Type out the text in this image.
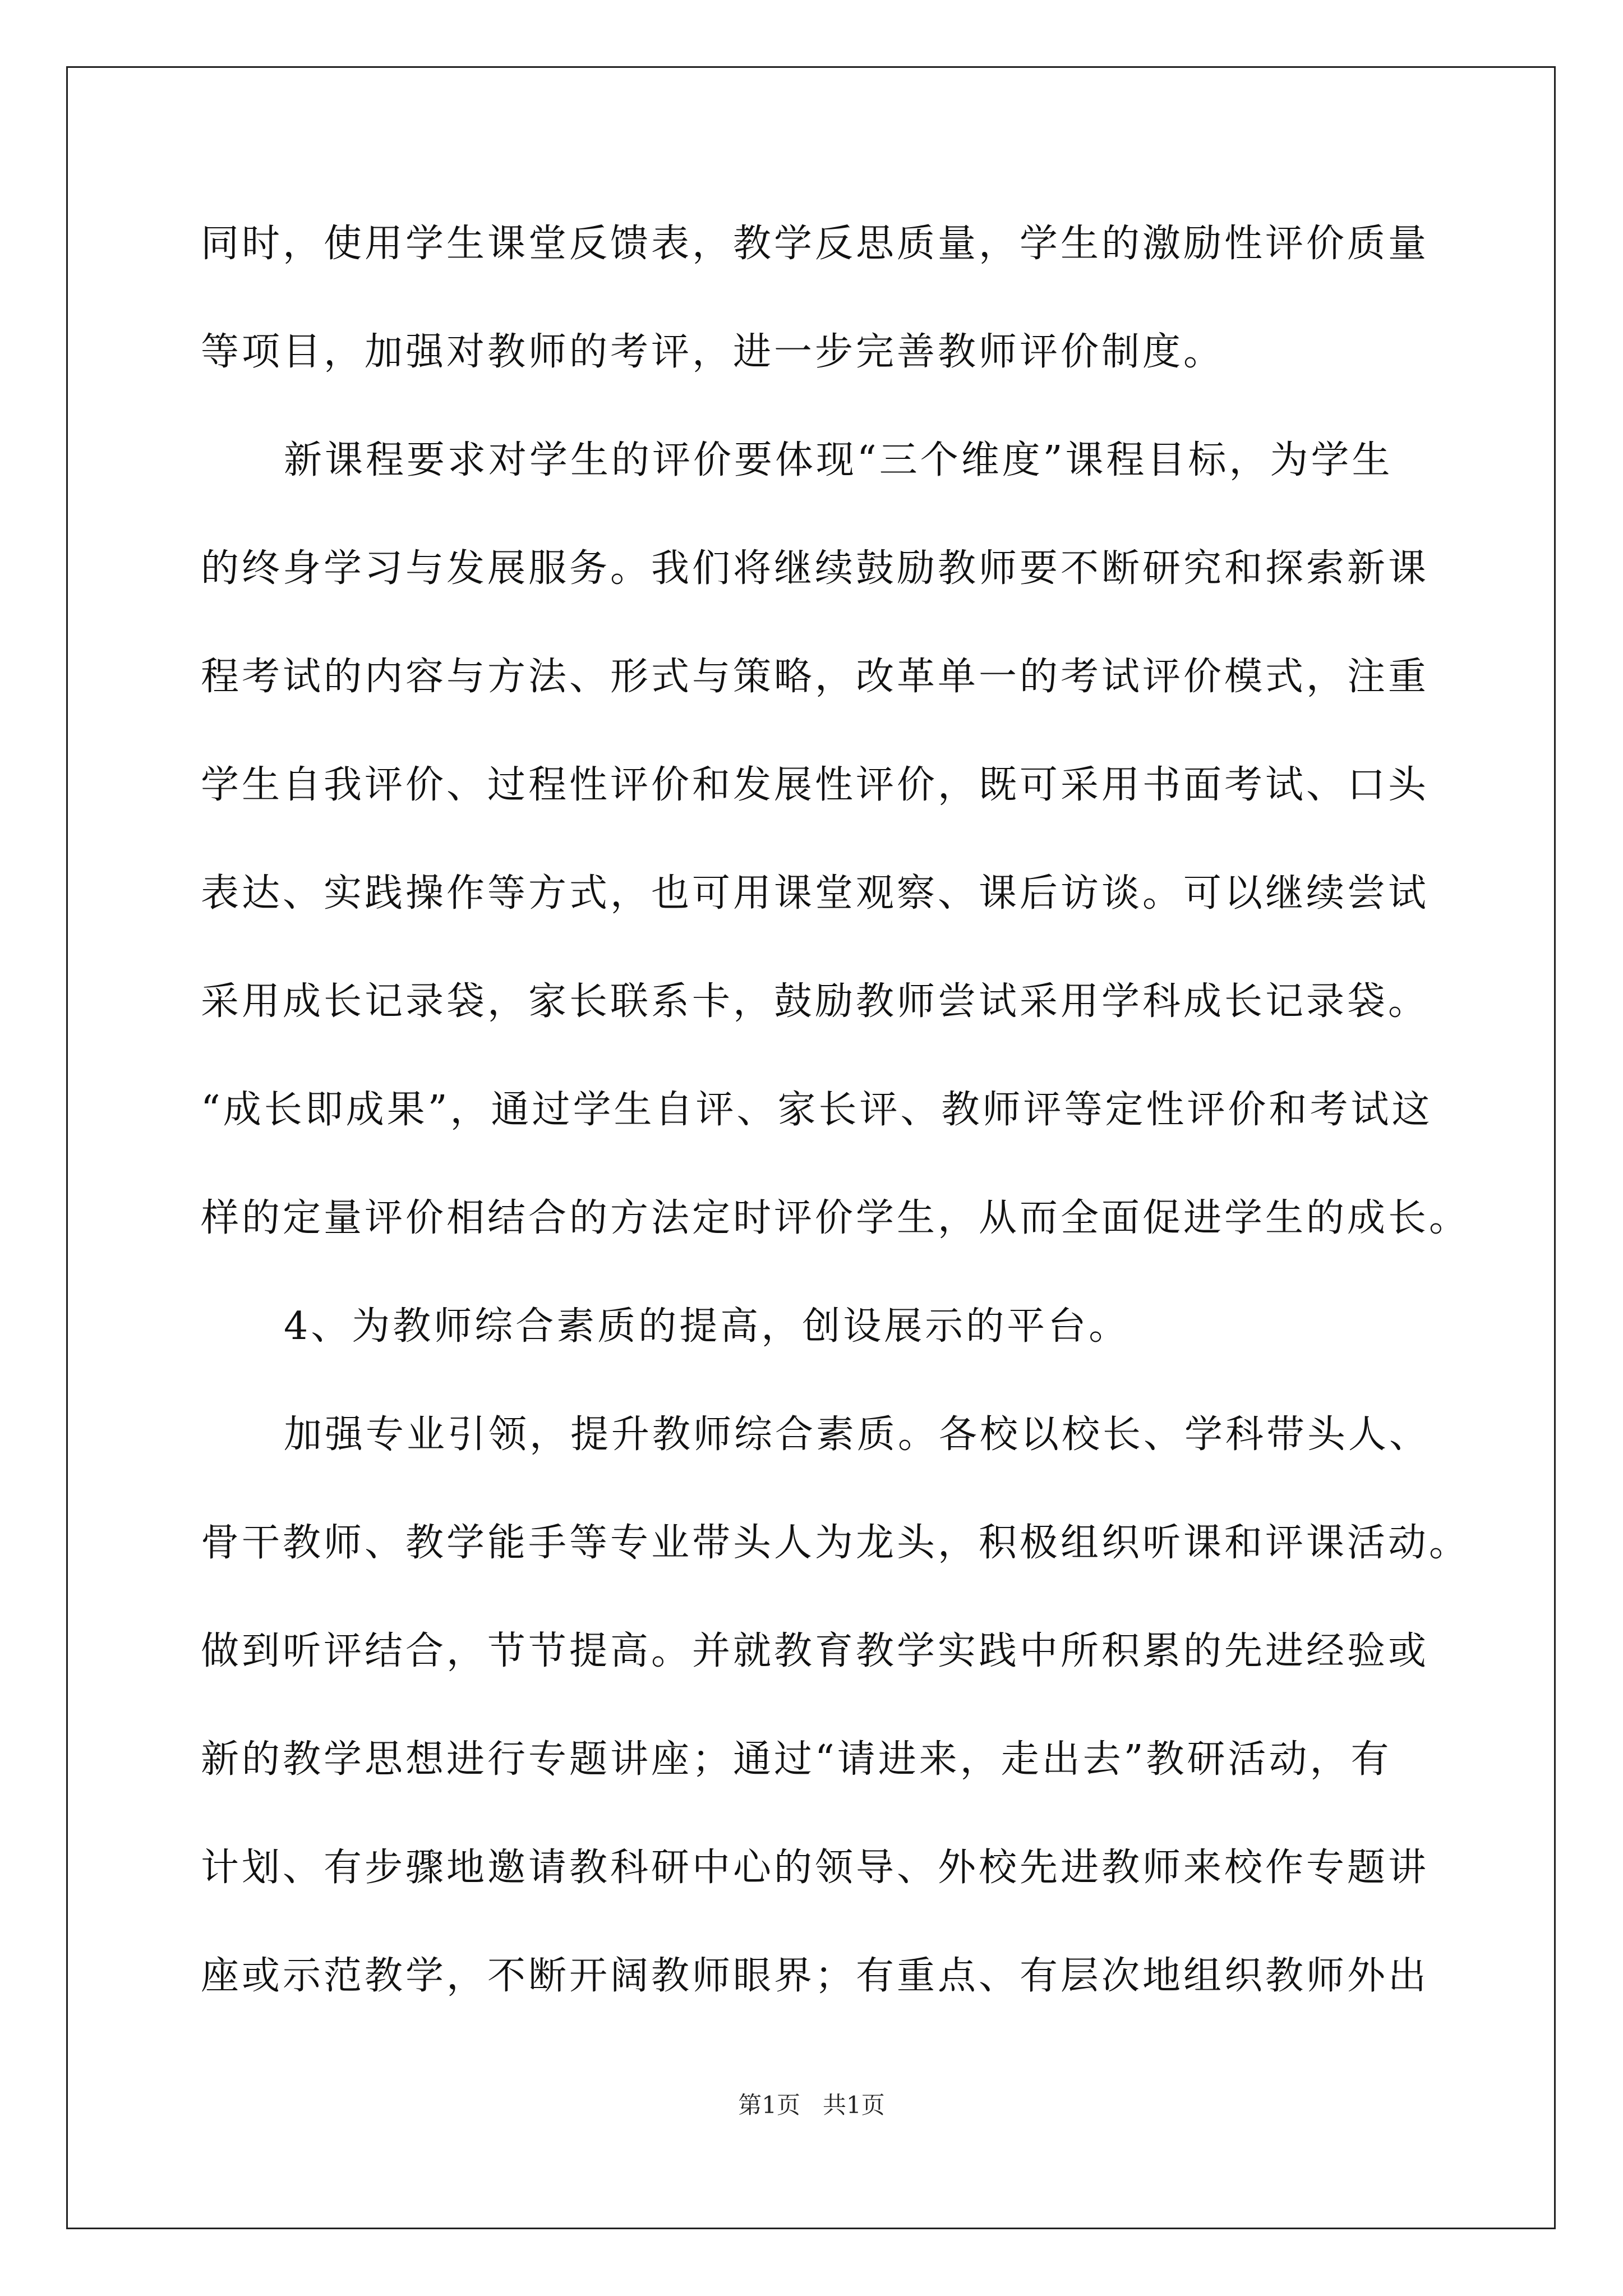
同时，使用学生课堂反馈表，教学反思质量，学生的激励性评价质量
等项目，加强对教师的考评，进一步完善教师评价制度。
新课程要求对学生的评价要体现“三个维度”课程目标，为学生
的终身学习与发展服务。我们将继续鼓励教师要不断研究和探索新课
程考试的内容与方法、形式与策略，改革单一的考试评价模式，注重
学生自我评价、过程性评价和发展性评价，既可采用书面考试、口头
表达、实践操作等方式，也可用课堂观察、课后访谈。可以继续尝试
采用成长记录袋，家长联系卡，鼓励教师尝试采用学科成长记录袋。
“成长即成果”，通过学生自评、家长评、教师评等定性评价和考试这
样的定量评价相结合的方法定时评价学生，从而全面促进学生的成长。
4、为教师综合素质的提高，创设展示的平台。
加强专业引领，提升教师综合素质。各校以校长、学科带头人、
骨干教师、教学能手等专业带头人为龙头，积极组织听课和评课活动。
做到听评结合，节节提高。并就教育教学实践中所积累的先进经验或
新的教学思想进行专题讲座；通过“请进来，走出去”教研活动，有
计划、有步骤地邀请教科研中心的领导、外校先进教师来校作专题讲
座或示范教学，不断开阔教师眼界；有重点、有层次地组织教师外出
第1页   共1页
